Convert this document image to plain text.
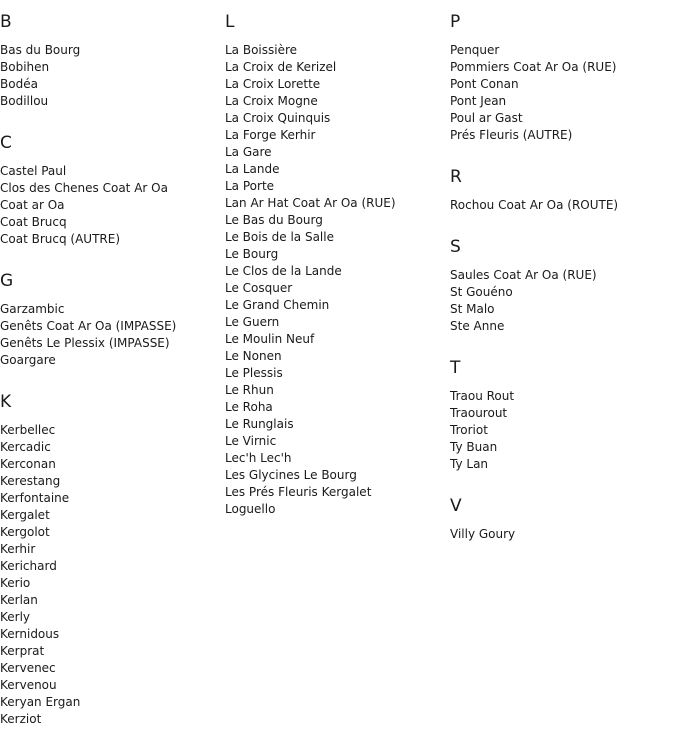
B
Bas du Bourg
Bobihen
Bodéa
Bodillou
C
Castel Paul
Clos des Chenes Coat Ar Oa
Coat ar Oa
Coat Brucq
Coat Brucq (AUTRE)
G
Garzambic
Genêts Coat Ar Oa (IMPASSE)
Genêts Le Plessix (IMPASSE)
Goargare
K
Kerbellec
Kercadic
Kerconan
Kerestang
Kerfontaine
Kergalet
Kergolot
Kerhir
Kerichard
Kerio
Kerlan
Kerly
Kernidous
Kerprat
Kervenec
Kervenou
Keryan Ergan
Kerziot
L
La Boissière
La Croix de Kerizel
La Croix Lorette
La Croix Mogne
La Croix Quinquis
La Forge Kerhir
La Gare
La Lande
La Porte
Lan Ar Hat Coat Ar Oa (RUE)
Le Bas du Bourg
Le Bois de la Salle
Le Bourg
Le Clos de la Lande
Le Cosquer
Le Grand Chemin
Le Guern
Le Moulin Neuf
Le Nonen
Le Plessis
Le Rhun
Le Roha
Le Runglais
Le Virnic
Lec'h Lec'h
Les Glycines Le Bourg
Les Prés Fleuris Kergalet
Loguello
P
Penquer
Pommiers Coat Ar Oa (RUE)
Pont Conan
Pont Jean
Poul ar Gast
Prés Fleuris (AUTRE)
R
Rochou Coat Ar Oa (ROUTE)
S
Saules Coat Ar Oa (RUE)
St Gouéno
St Malo
Ste Anne
T
Traou Rout
Traourout
Troriot
Ty Buan
Ty Lan
V
Villy Goury
